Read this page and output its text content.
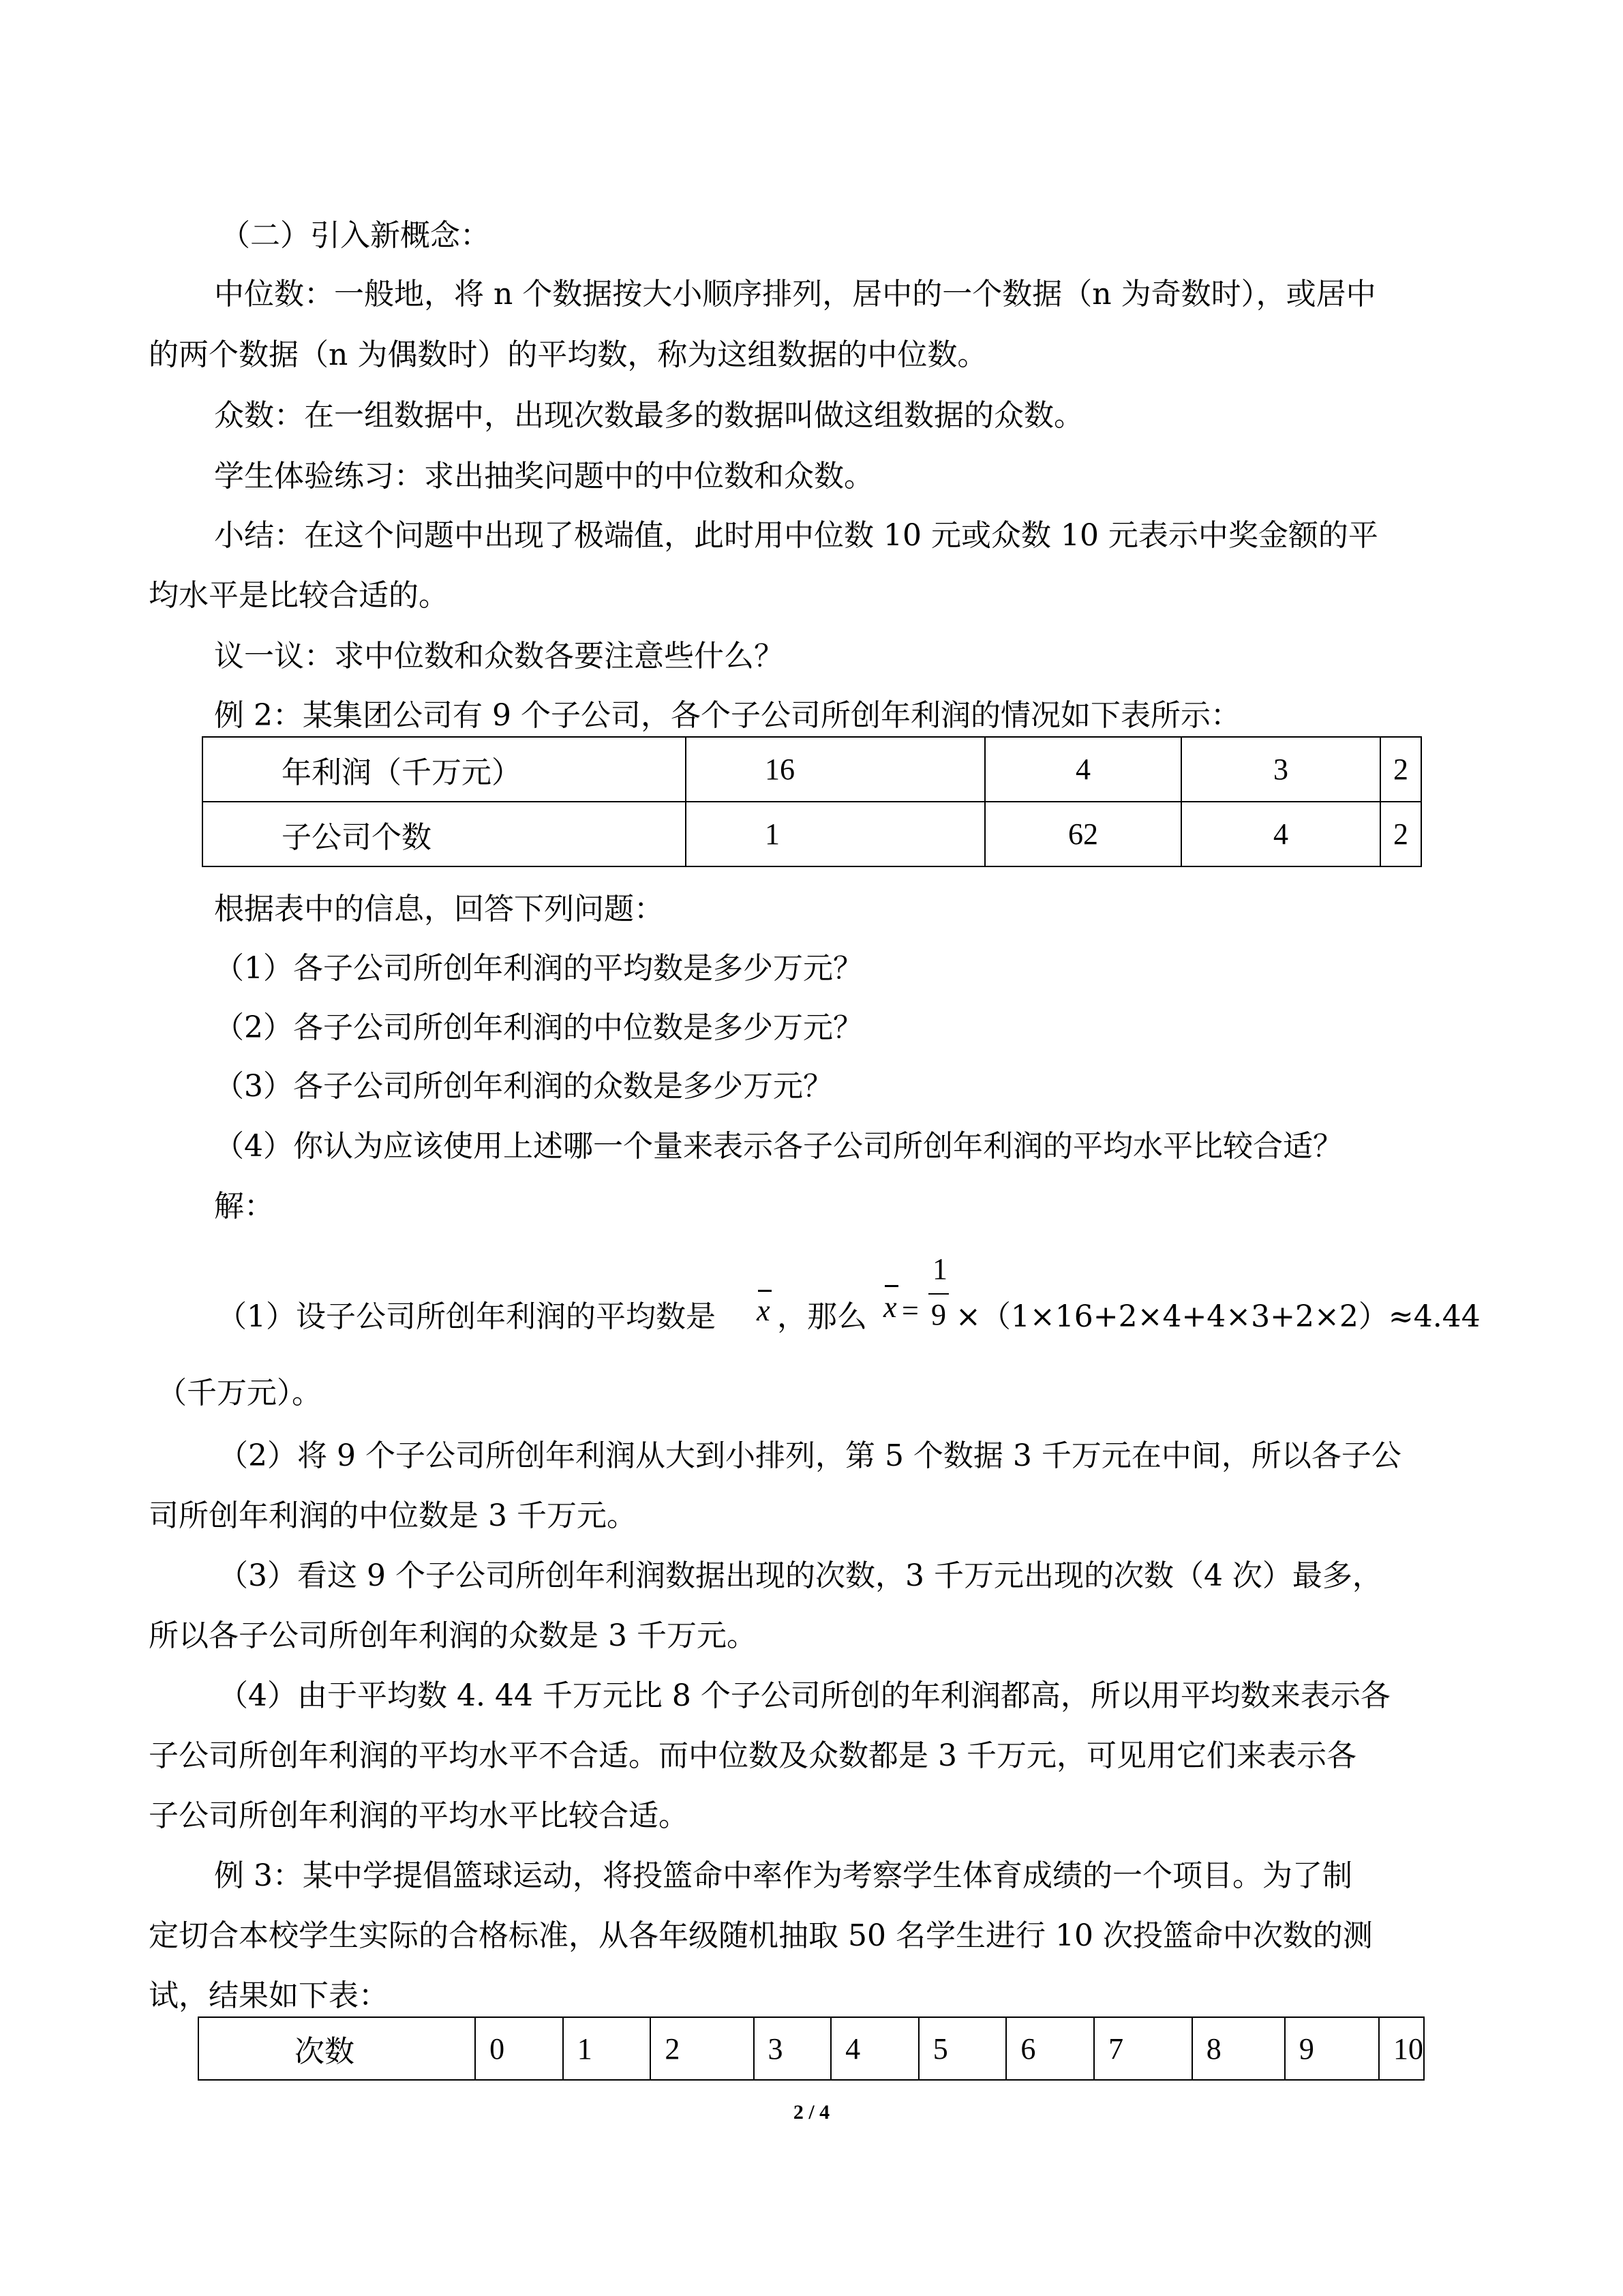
（二）引入新概念：
中位数：一般地，将 n 个数据按大小顺序排列，居中的一个数据（n 为奇数时），或居中
的两个数据（n 为偶数时）的平均数，称为这组数据的中位数。
众数：在一组数据中，出现次数最多的数据叫做这组数据的众数。
学生体验练习：求出抽奖问题中的中位数和众数。
小结：在这个问题中出现了极端值，此时用中位数 10 元或众数 10 元表示中奖金额的平
均水平是比较合适的。
议一议：求中位数和众数各要注意些什么？
例 2：某集团公司有 9 个子公司，各个子公司所创年利润的情况如下表所示：
年利润（千万元）	16	4	3	2
子公司个数	1	62	4	2
根据表中的信息，回答下列问题：
（1）各子公司所创年利润的平均数是多少万元？
（2）各子公司所创年利润的中位数是多少万元？
（3）各子公司所创年利润的众数是多少万元？
（4）你认为应该使用上述哪一个量来表示各子公司所创年利润的平均水平比较合适？
解：
（1）设子公司所创年利润的平均数是 x ，那么 x =
1
9 ×（1×16+2×4+4×3+2×2）≈4.44
（千万元）。
（2）将 9 个子公司所创年利润从大到小排列，第 5 个数据 3 千万元在中间，所以各子公
司所创年利润的中位数是 3 千万元。
（3）看这 9 个子公司所创年利润数据出现的次数，3 千万元出现的次数（4 次）最多，
所以各子公司所创年利润的众数是 3 千万元。
（4）由于平均数 4. 44 千万元比 8 个子公司所创的年利润都高，所以用平均数来表示各
子公司所创年利润的平均水平不合适。而中位数及众数都是 3 千万元，可见用它们来表示各
子公司所创年利润的平均水平比较合适。
例 3：某中学提倡篮球运动，将投篮命中率作为考察学生体育成绩的一个项目。为了制
定切合本校学生实际的合格标准，从各年级随机抽取 50 名学生进行 10 次投篮命中次数的测
试，结果如下表：
次数	0	1	2	3	4	5	6	7	8	9	10
2 / 4
